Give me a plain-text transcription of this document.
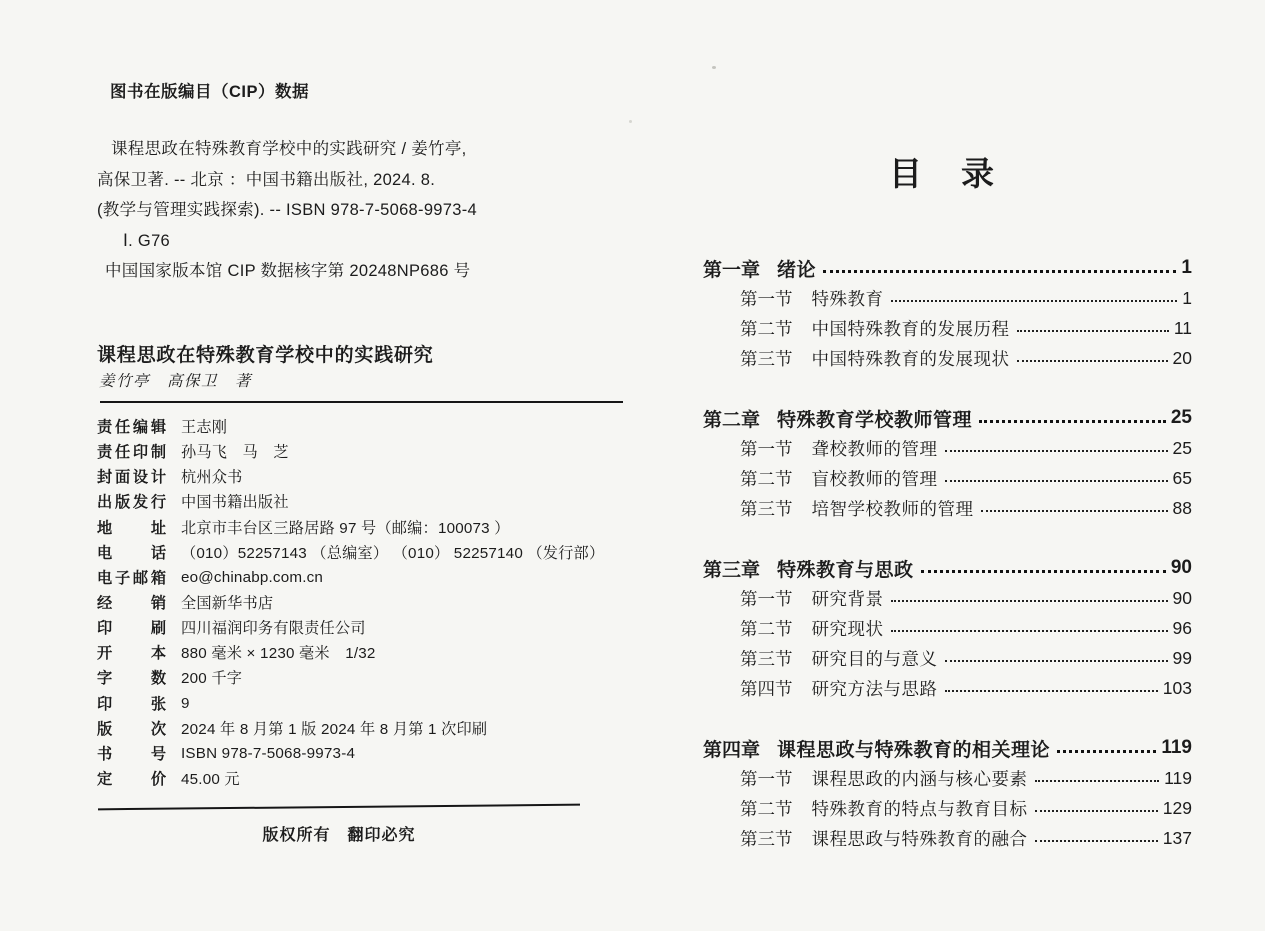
图书在版编目（CIP）数据
课程思政在特殊教育学校中的实践研究 / 姜竹亭,
高保卫著. -- 北京 ：中国书籍出版社, 2024. 8.
(教学与管理实践探索). -- ISBN 978-7-5068-9973-4
Ⅰ. G76
中国国家版本馆 CIP 数据核字第 20248NP686 号
课程思政在特殊教育学校中的实践研究
姜竹亭　高保卫　著
责任编辑 王志刚
责任印制 孙马飞　马　芝
封面设计 杭州众书
出版发行 中国书籍出版社
地址 北京市丰台区三路居路 97 号（邮编：100073 ）
电话 （010）52257143 （总编室） （010） 52257140 （发行部）
电子邮箱 eo@chinabp.com.cn
经销 全国新华书店
印刷 四川福润印务有限责任公司
开本 880 毫米 × 1230 毫米　1/32
字数 200 千字
印张 9
版次 2024 年 8 月第 1 版 2024 年 8 月第 1 次印刷
书号 ISBN 978-7-5068-9973-4
定价 45.00 元
版权所有　翻印必究
目　录
第一章 绪论	1
第一节 特殊教育	1
第二节 中国特殊教育的发展历程	11
第三节 中国特殊教育的发展现状	20
第二章 特殊教育学校教师管理	25
第一节 聋校教师的管理	25
第二节 盲校教师的管理	65
第三节 培智学校教师的管理	88
第三章 特殊教育与思政	90
第一节 研究背景	90
第二节 研究现状	96
第三节 研究目的与意义	99
第四节 研究方法与思路	103
第四章 课程思政与特殊教育的相关理论	119
第一节 课程思政的内涵与核心要素	119
第二节 特殊教育的特点与教育目标	129
第三节 课程思政与特殊教育的融合	137
